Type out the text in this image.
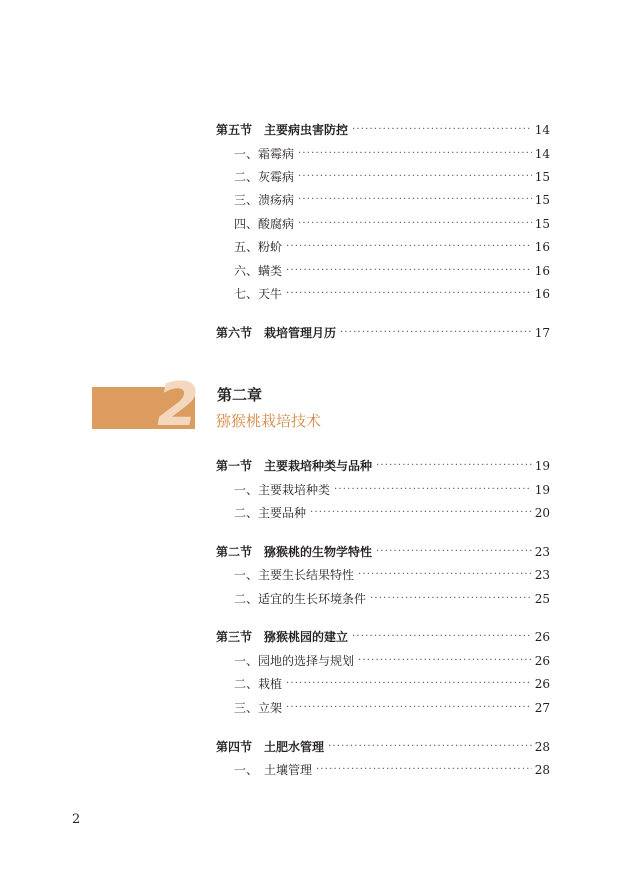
第五节　主要病虫害防控 ·····	14
一、霜霉病 ·····	14
二、灰霉病 ·····	15
三、溃疡病 ·····	15
四、酸腐病 ·····	15
五、粉蚧 ·····	16
六、螨类 ·····	16
七、天牛 ·····	16
第六节　栽培管理月历 ·····	17
2	第二章
猕猴桃栽培技术
第一节　主要栽培种类与品种 ·····	19
一、主要栽培种类 ·····	19
二、主要品种 ·····	20
第二节　猕猴桃的生物学特性 ·····	23
一、主要生长结果特性 ·····	23
二、适宜的生长环境条件 ·····	25
第三节　猕猴桃园的建立 ·····	26
一、园地的选择与规划 ·····	26
二、栽植 ·····	26
三、立架 ·····	27
第四节　土肥水管理 ·····	28
一、　土壤管理 ·····	28
2
